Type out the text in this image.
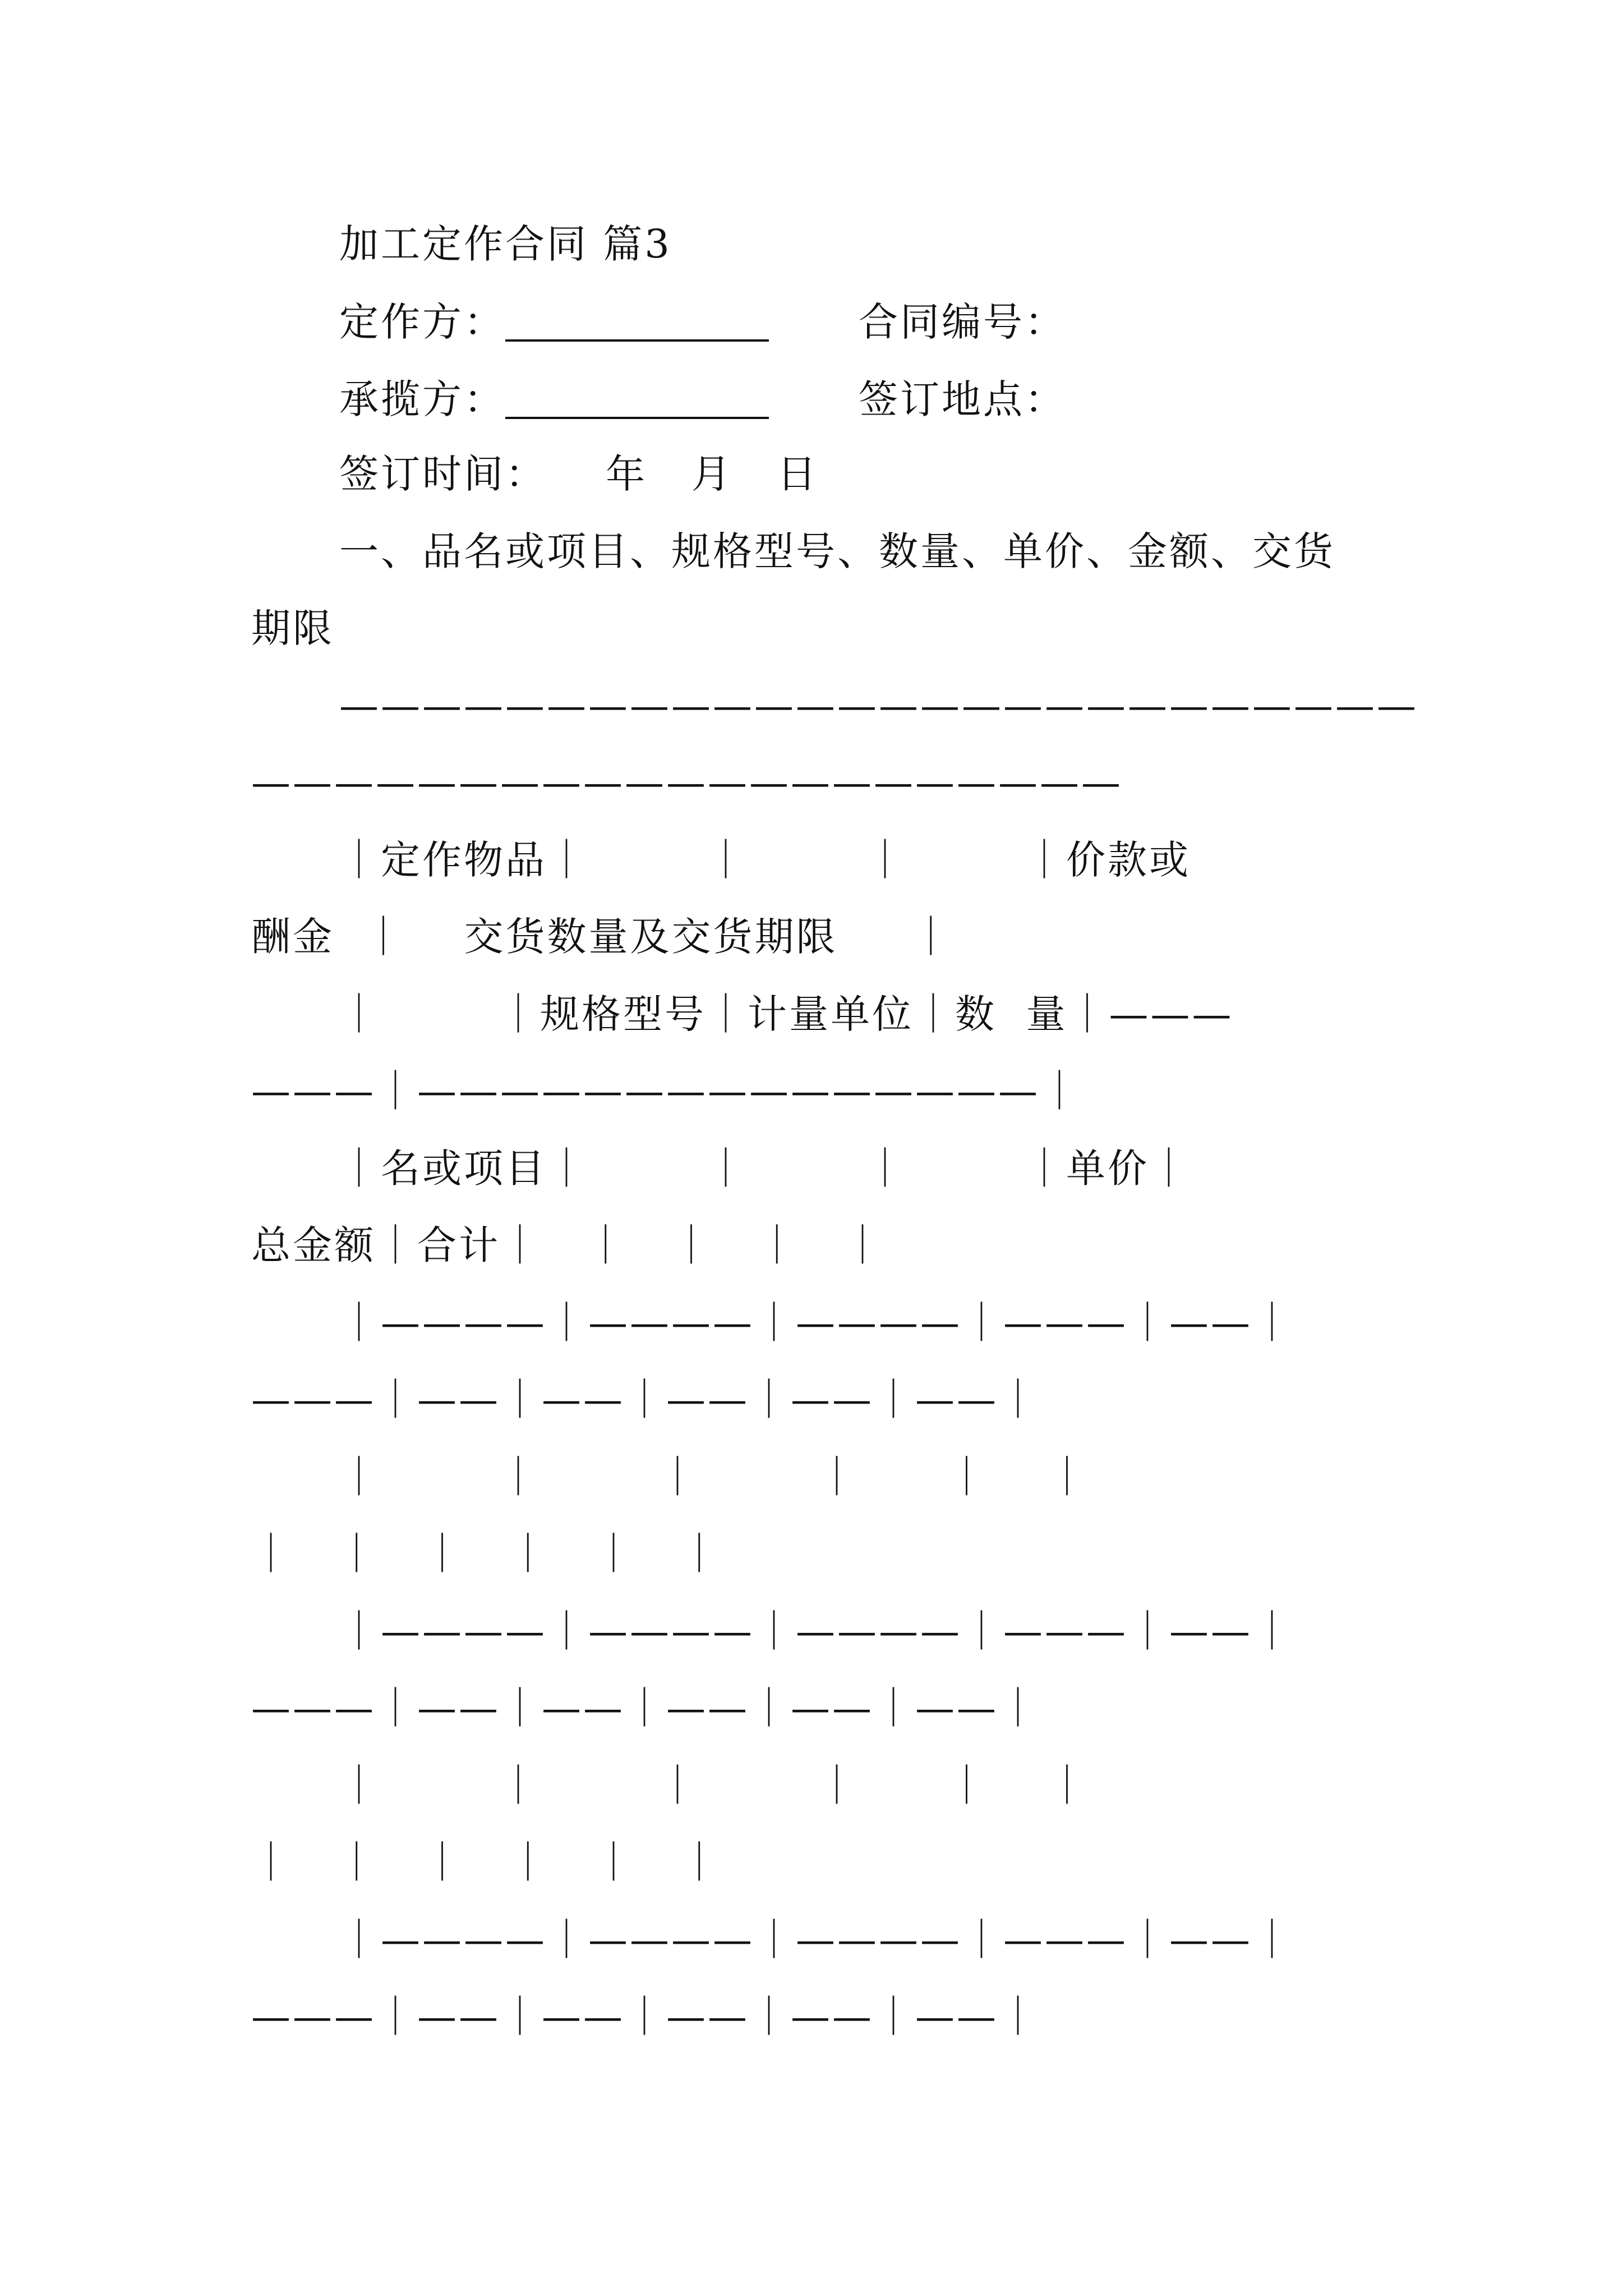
加工定作合同 篇3

定作方：	合同编号：

承揽方：	签订地点：

签订时间：    年   月   日

一、品名或项目、规格型号、数量、单价、金额、交货

期限

——————————————————————————

—————————————————————

｜定作物品｜        ｜        ｜        ｜价款或

酬金  ｜    交货数量及交货期限     ｜

｜        ｜规格型号｜计量单位｜数  量｜———

———｜———————————————｜

｜名或项目｜        ｜        ｜        ｜单价｜

总金额｜合计｜   ｜   ｜   ｜   ｜

｜————｜————｜————｜———｜——｜

———｜——｜——｜——｜——｜——｜

｜        ｜        ｜        ｜      ｜    ｜

｜   ｜   ｜   ｜   ｜   ｜

｜————｜————｜————｜———｜——｜

———｜——｜——｜——｜——｜——｜

｜        ｜        ｜        ｜      ｜    ｜

｜   ｜   ｜   ｜   ｜   ｜

｜————｜————｜————｜———｜——｜

———｜——｜——｜——｜——｜——｜
